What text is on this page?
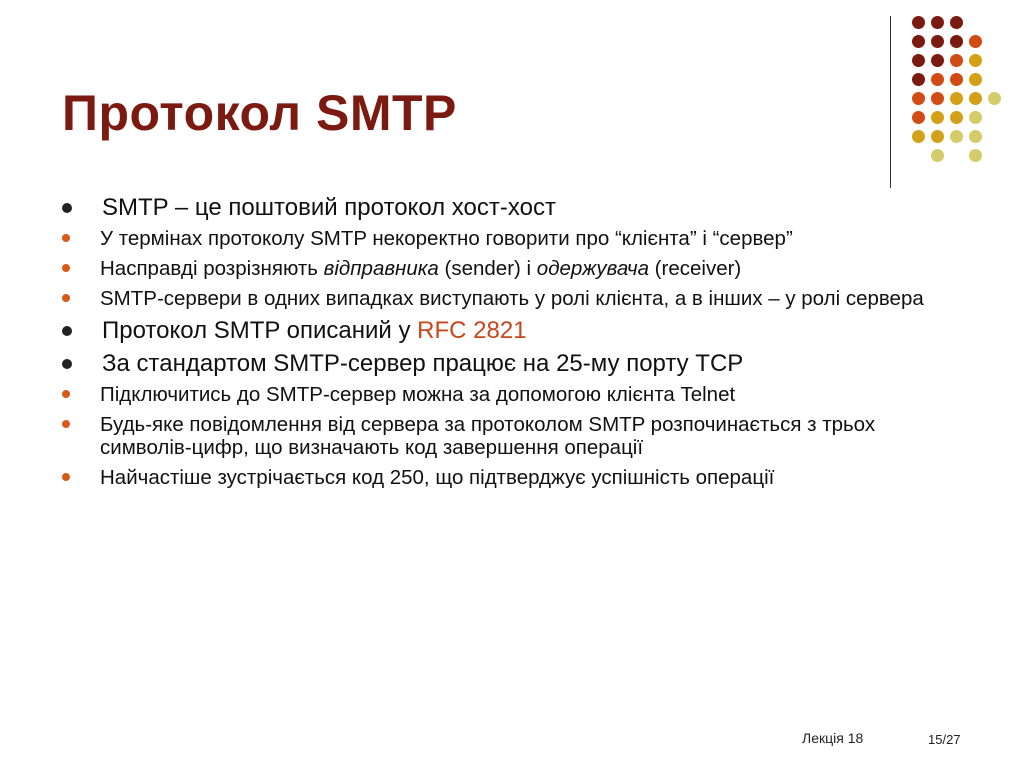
Протокол SMTP
SMTP – це поштовий протокол хост-хост
У термінах протоколу SMTP некоректно говорити про “клієнта” і “сервер”
Насправді розрізняють відправника (sender) і одержувача (receiver)
SMTP-сервери в одних випадках виступають у ролі клієнта, а в інших – у ролі сервера
Протокол SMTP описаний у RFC 2821
За стандартом SMTP-сервер працює на 25-му порту TCP
Підключитись до SMTP-сервер можна за допомогою клієнта Telnet
Будь-яке повідомлення від сервера за протоколом SMTP розпочинається з трьох символів-цифр, що визначають код завершення операції
Найчастіше зустрічається код 250, що підтверджує успішність операції
Лекція 18	15/27
